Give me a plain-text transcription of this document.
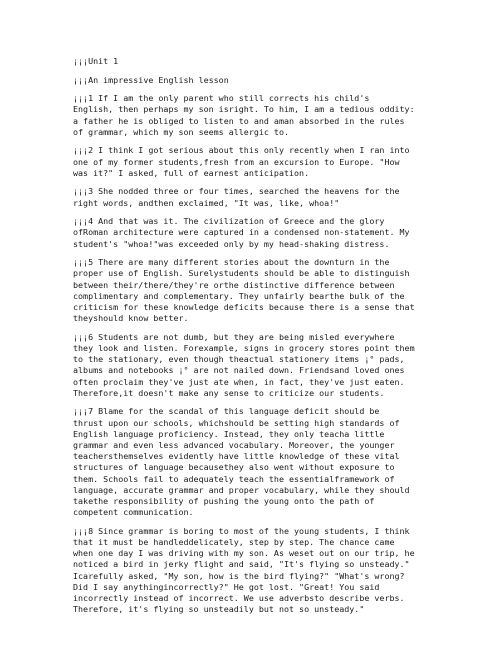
¡¡¡Unit 1

¡¡¡An impressive English lesson

¡¡¡1 If I am the only parent who still corrects his child's
English, then perhaps my son isright. To him, I am a tedious oddity:
a father he is obliged to listen to and aman absorbed in the rules
of grammar, which my son seems allergic to.

¡¡¡2 I think I got serious about this only recently when I ran into
one of my former students,fresh from an excursion to Europe. "How
was it?" I asked, full of earnest anticipation.

¡¡¡3 She nodded three or four times, searched the heavens for the
right words, andthen exclaimed, "It was, like, whoa!"

¡¡¡4 And that was it. The civilization of Greece and the glory
ofRoman architecture were captured in a condensed non-statement. My
student's "whoa!"was exceeded only by my head-shaking distress.

¡¡¡5 There are many different stories about the downturn in the
proper use of English. Surelystudents should be able to distinguish
between their/there/they're orthe distinctive difference between
complimentary and complementary. They unfairly bearthe bulk of the
criticism for these knowledge deficits because there is a sense that
theyshould know better.

¡¡¡6 Students are not dumb, but they are being misled everywhere
they look and listen. Forexample, signs in grocery stores point them
to the stationary, even though theactual stationery items ¡° pads,
albums and notebooks ¡° are not nailed down. Friendsand loved ones
often proclaim they've just ate when, in fact, they've just eaten.
Therefore,it doesn't make any sense to criticize our students.

¡¡¡7 Blame for the scandal of this language deficit should be
thrust upon our schools, whichshould be setting high standards of
English language proficiency. Instead, they only teacha little
grammar and even less advanced vocabulary. Moreover, the younger
teachersthemselves evidently have little knowledge of these vital
structures of language becausethey also went without exposure to
them. Schools fail to adequately teach the essentialframework of
language, accurate grammar and proper vocabulary, while they should
takethe responsibility of pushing the young onto the path of
competent communication.

¡¡¡8 Since grammar is boring to most of the young students, I think
that it must be handleddelicately, step by step. The chance came
when one day I was driving with my son. As weset out on our trip, he
noticed a bird in jerky flight and said, "It's flying so unsteady."
Icarefully asked, "My son, how is the bird flying?" "What's wrong?
Did I say anythingincorrectly?" He got lost. "Great! You said
incorrectly instead of incorrect. We use adverbsto describe verbs.
Therefore, it's flying so unsteadily but not so unsteady."
